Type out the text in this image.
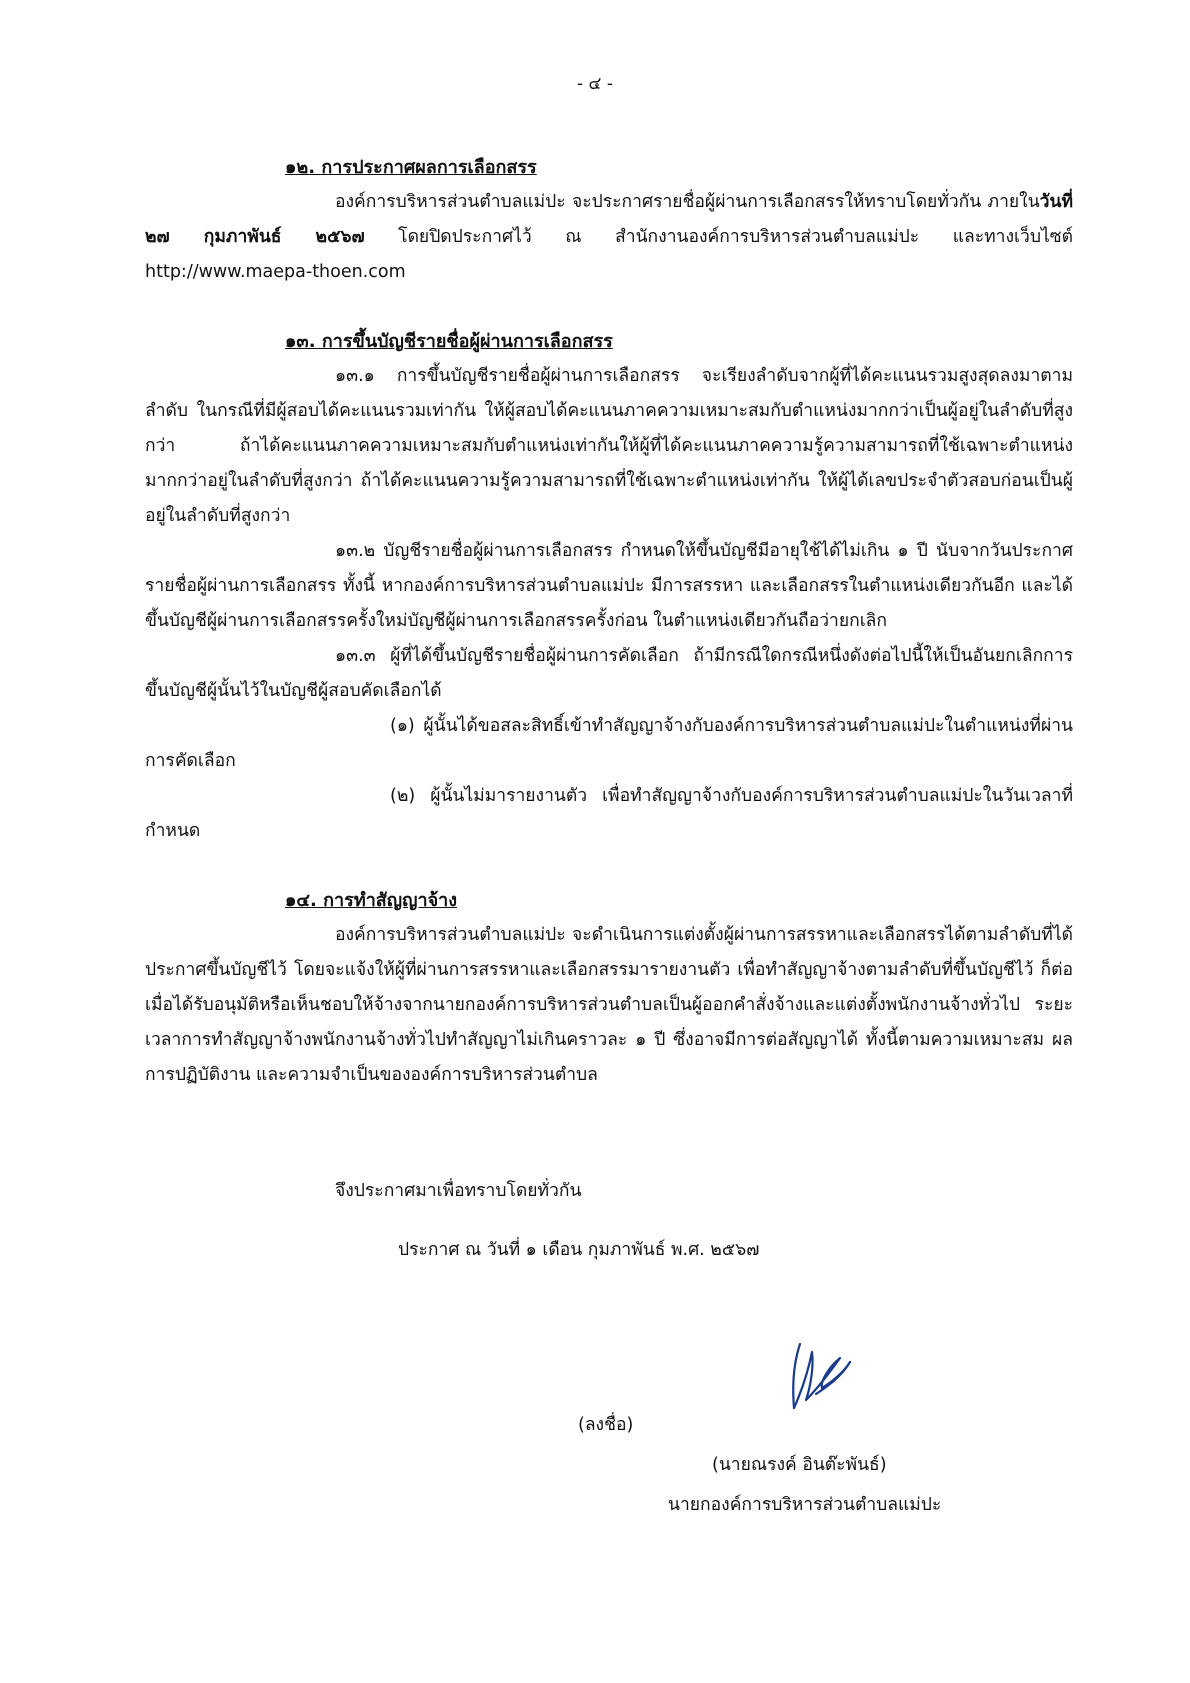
- ๔ -
๑๒. การประกาศผลการเลือกสรร

องค์การบริหารส่วนตำบลแม่ปะ จะประกาศรายชื่อผู้ผ่านการเลือกสรรให้ทราบโดยทั่วกัน ภายในวันที่ ๒๗ กุมภาพันธ์ ๒๕๖๗ โดยปิดประกาศไว้ ณ สำนักงานองค์การบริหารส่วนตำบลแม่ปะ และทางเว็บไซต์ http://www.maepa-thoen.com

๑๓. การขึ้นบัญชีรายชื่อผู้ผ่านการเลือกสรร

๑๓.๑ การขึ้นบัญชีรายชื่อผู้ผ่านการเลือกสรร จะเรียงลำดับจากผู้ที่ได้คะแนนรวมสูงสุดลงมาตามลำดับ ในกรณีที่มีผู้สอบได้คะแนนรวมเท่ากัน ให้ผู้สอบได้คะแนนภาคความเหมาะสมกับตำแหน่งมากกว่าเป็นผู้อยู่ในลำดับที่สูงกว่า ถ้าได้คะแนนภาคความเหมาะสมกับตำแหน่งเท่ากันให้ผู้ที่ได้คะแนนภาคความรู้ความสามารถที่ใช้เฉพาะตำแหน่งมากกว่าอยู่ในลำดับที่สูงกว่า ถ้าได้คะแนนความรู้ความสามารถที่ใช้เฉพาะตำแหน่งเท่ากัน ให้ผู้ได้เลขประจำตัวสอบก่อนเป็นผู้อยู่ในลำดับที่สูงกว่า

๑๓.๒ บัญชีรายชื่อผู้ผ่านการเลือกสรร กำหนดให้ขึ้นบัญชีมีอายุใช้ได้ไม่เกิน ๑ ปี นับจากวันประกาศรายชื่อผู้ผ่านการเลือกสรร ทั้งนี้ หากองค์การบริหารส่วนตำบลแม่ปะ มีการสรรหา และเลือกสรรในตำแหน่งเดียวกันอีก และได้ขึ้นบัญชีผู้ผ่านการเลือกสรรครั้งใหม่บัญชีผู้ผ่านการเลือกสรรครั้งก่อน ในตำแหน่งเดียวกันถือว่ายกเลิก

๑๓.๓ ผู้ที่ได้ขึ้นบัญชีรายชื่อผู้ผ่านการคัดเลือก ถ้ามีกรณีใดกรณีหนึ่งดังต่อไปนี้ให้เป็นอันยกเลิกการขึ้นบัญชีผู้นั้นไว้ในบัญชีผู้สอบคัดเลือกได้

(๑) ผู้นั้นได้ขอสละสิทธิ์เข้าทำสัญญาจ้างกับองค์การบริหารส่วนตำบลแม่ปะในตำแหน่งที่ผ่านการคัดเลือก

(๒) ผู้นั้นไม่มารายงานตัว เพื่อทำสัญญาจ้างกับองค์การบริหารส่วนตำบลแม่ปะในวันเวลาที่กำหนด

๑๔. การทำสัญญาจ้าง

องค์การบริหารส่วนตำบลแม่ปะ จะดำเนินการแต่งตั้งผู้ผ่านการสรรหาและเลือกสรรได้ตามลำดับที่ได้ประกาศขึ้นบัญชีไว้ โดยจะแจ้งให้ผู้ที่ผ่านการสรรหาและเลือกสรรมารายงานตัว เพื่อทำสัญญาจ้างตามลำดับที่ขึ้นบัญชีไว้ ก็ต่อเมื่อได้รับอนุมัติหรือเห็นชอบให้จ้างจากนายกองค์การบริหารส่วนตำบลเป็นผู้ออกคำสั่งจ้างและแต่งตั้งพนักงานจ้างทั่วไป ระยะเวลาการทำสัญญาจ้างพนักงานจ้างทั่วไปทำสัญญาไม่เกินคราวละ ๑ ปี ซึ่งอาจมีการต่อสัญญาได้ ทั้งนี้ตามความเหมาะสม ผลการปฏิบัติงาน และความจำเป็นขององค์การบริหารส่วนตำบล

จึงประกาศมาเพื่อทราบโดยทั่วกัน
ประกาศ ณ วันที่ ๑ เดือน กุมภาพันธ์ พ.ศ. ๒๕๖๗
(ลงชื่อ)
(นายณรงค์ อินต๊ะพันธ์)
นายกองค์การบริหารส่วนตำบลแม่ปะ
